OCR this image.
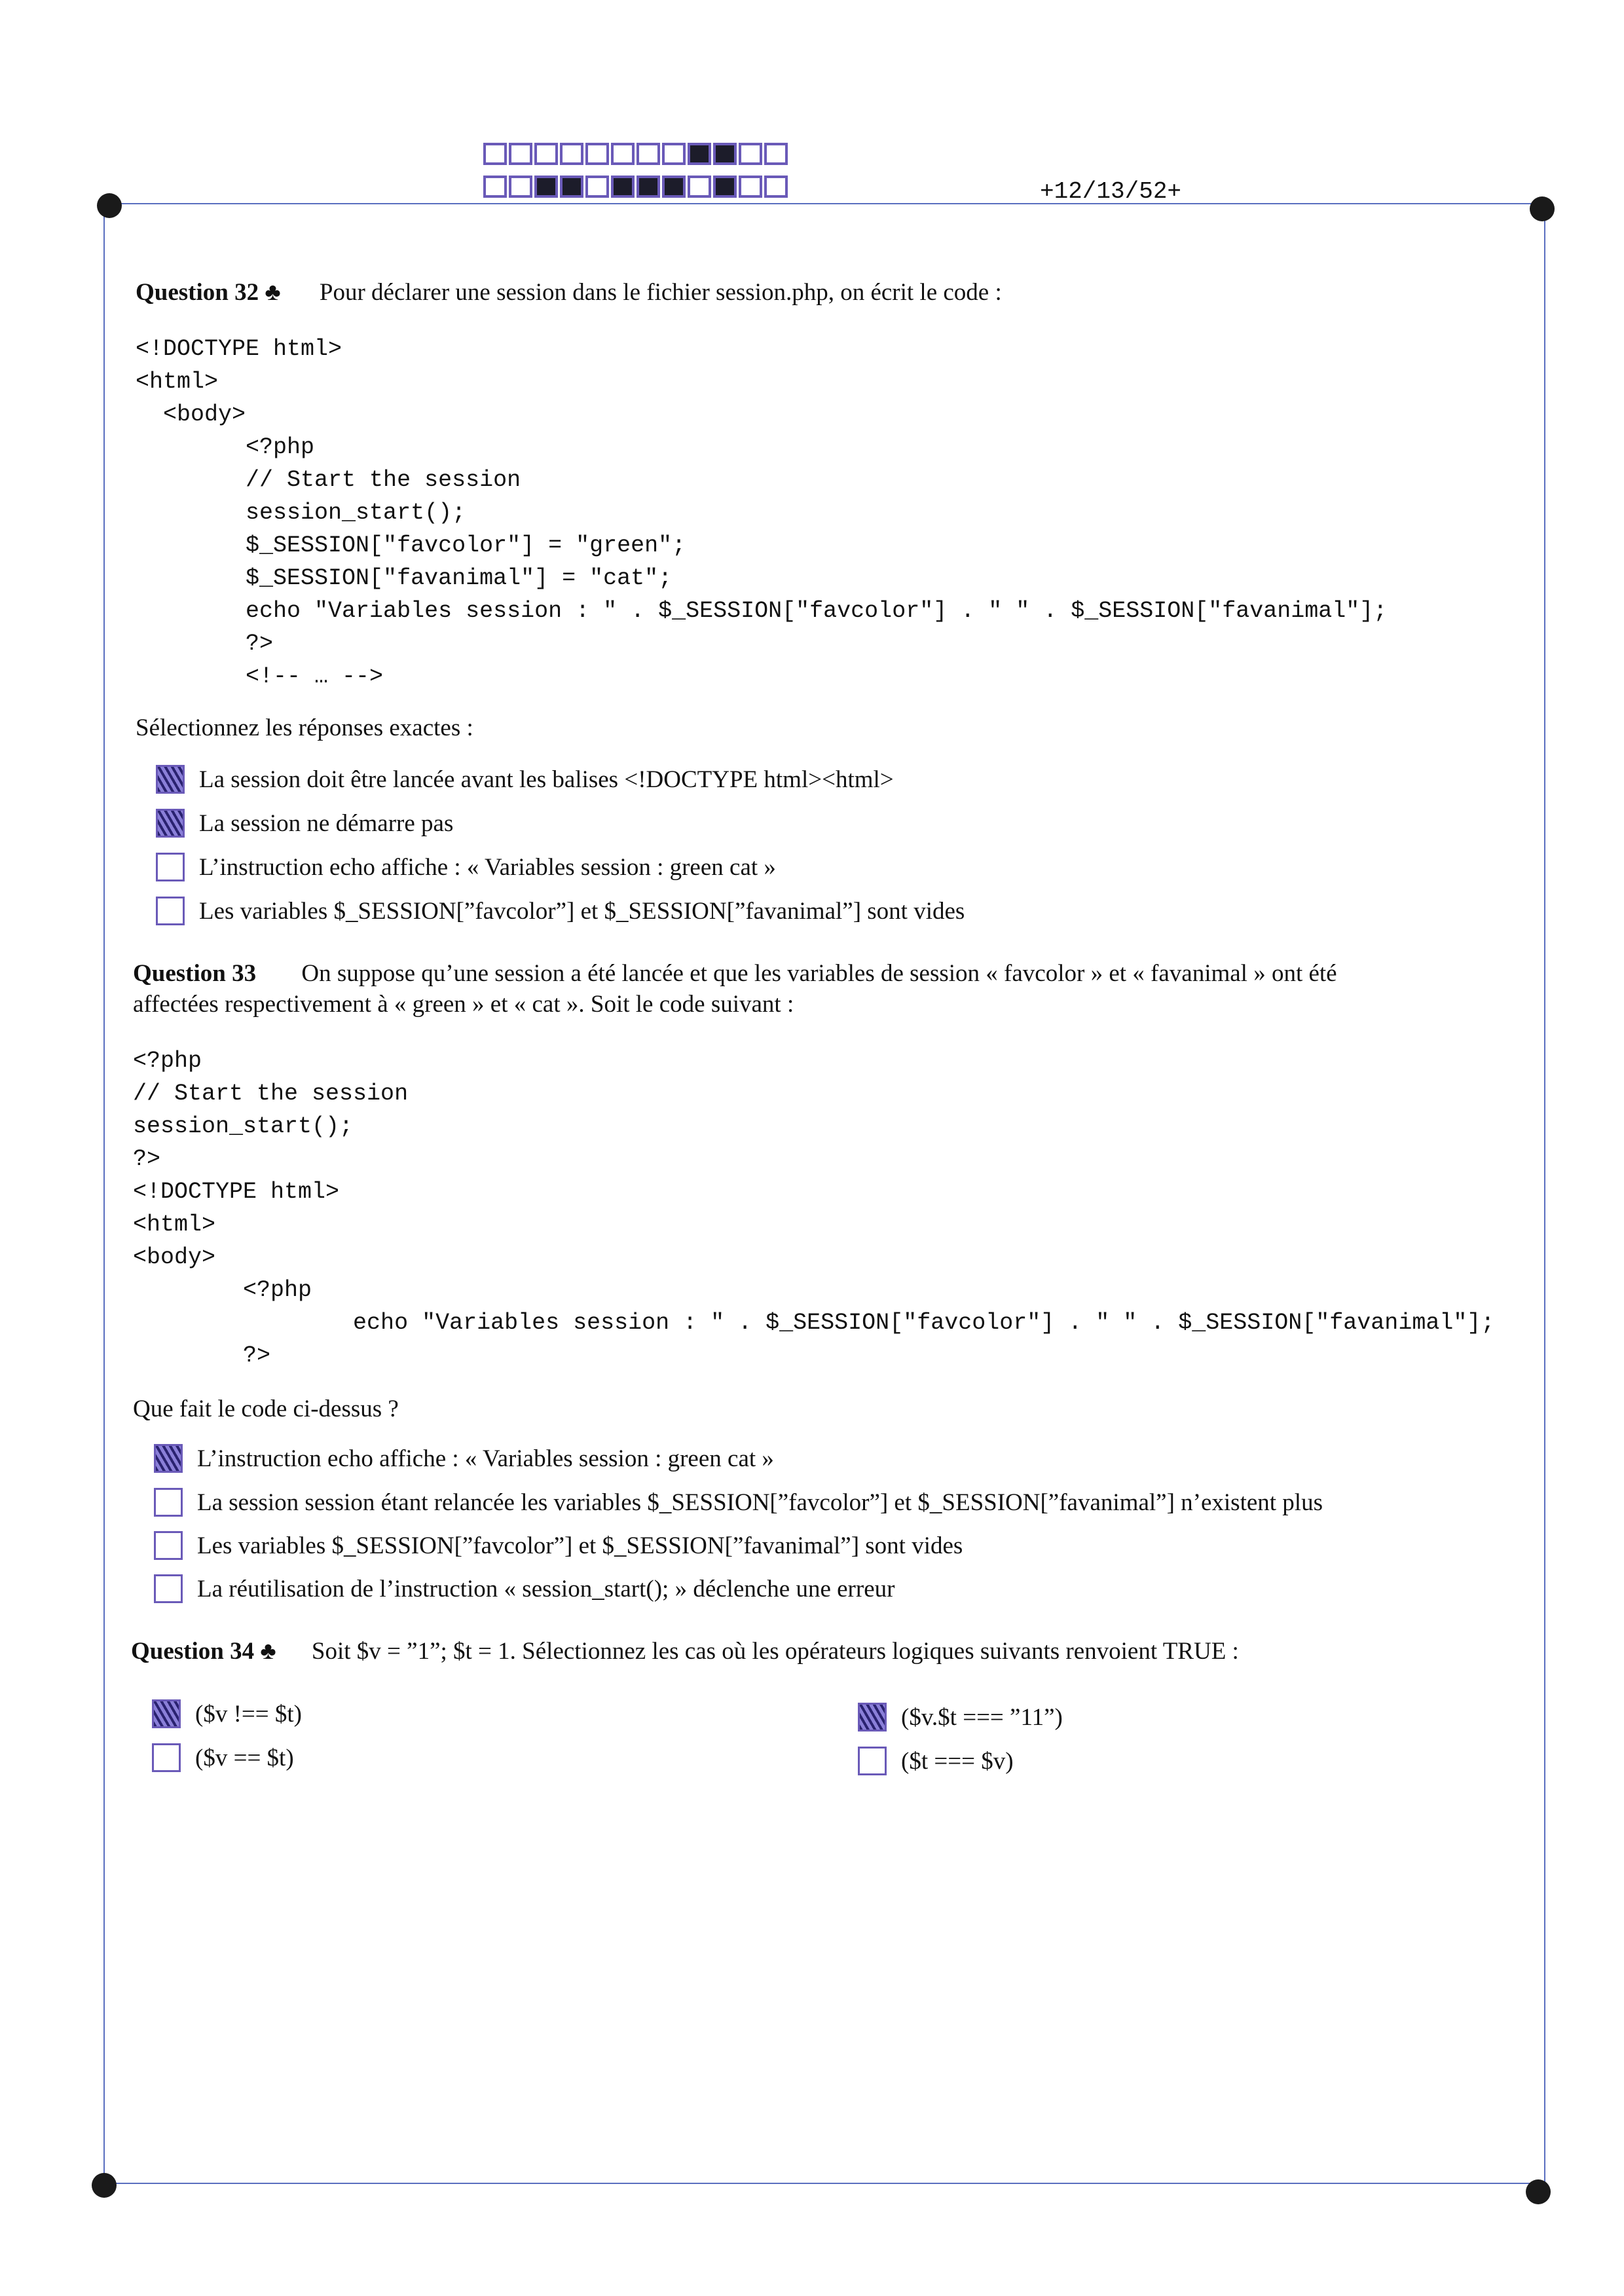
+12/13/52+
Question 32 ♣ Pour déclarer une session dans le fichier session.php, on écrit le code :
<!DOCTYPE html>
<html>
<body>
<?php
// Start the session
session_start();
$_SESSION["favcolor"] = "green";
$_SESSION["favanimal"] = "cat";
echo "Variables session : " . $_SESSION["favcolor"] . " " . $_SESSION["favanimal"];
?>
<!-- … -->
Sélectionnez les réponses exactes :
La session doit être lancée avant les balises <!DOCTYPE html><html>
La session ne démarre pas
L’instruction echo affiche : « Variables session : green cat »
Les variables $_SESSION[”favcolor”] et $_SESSION[”favanimal”] sont vides
Question 33 On suppose qu’une session a été lancée et que les variables de session « favcolor » et « favanimal » ont été
affectées respectivement à « green » et « cat ». Soit le code suivant :
<?php
// Start the session
session_start();
?>
<!DOCTYPE html>
<html>
<body>
<?php
echo "Variables session : " . $_SESSION["favcolor"] . " " . $_SESSION["favanimal"];
?>
Que fait le code ci-dessus ?
L’instruction echo affiche : « Variables session : green cat »
La session session étant relancée les variables $_SESSION[”favcolor”] et $_SESSION[”favanimal”] n’existent plus
Les variables $_SESSION[”favcolor”] et $_SESSION[”favanimal”] sont vides
La réutilisation de l’instruction « session_start(); » déclenche une erreur
Question 34 ♣ Soit $v = ”1”; $t = 1. Sélectionnez les cas où les opérateurs logiques suivants renvoient TRUE :
($v !== $t)
($v == $t)
($v.$t === ”11”)
($t === $v)
